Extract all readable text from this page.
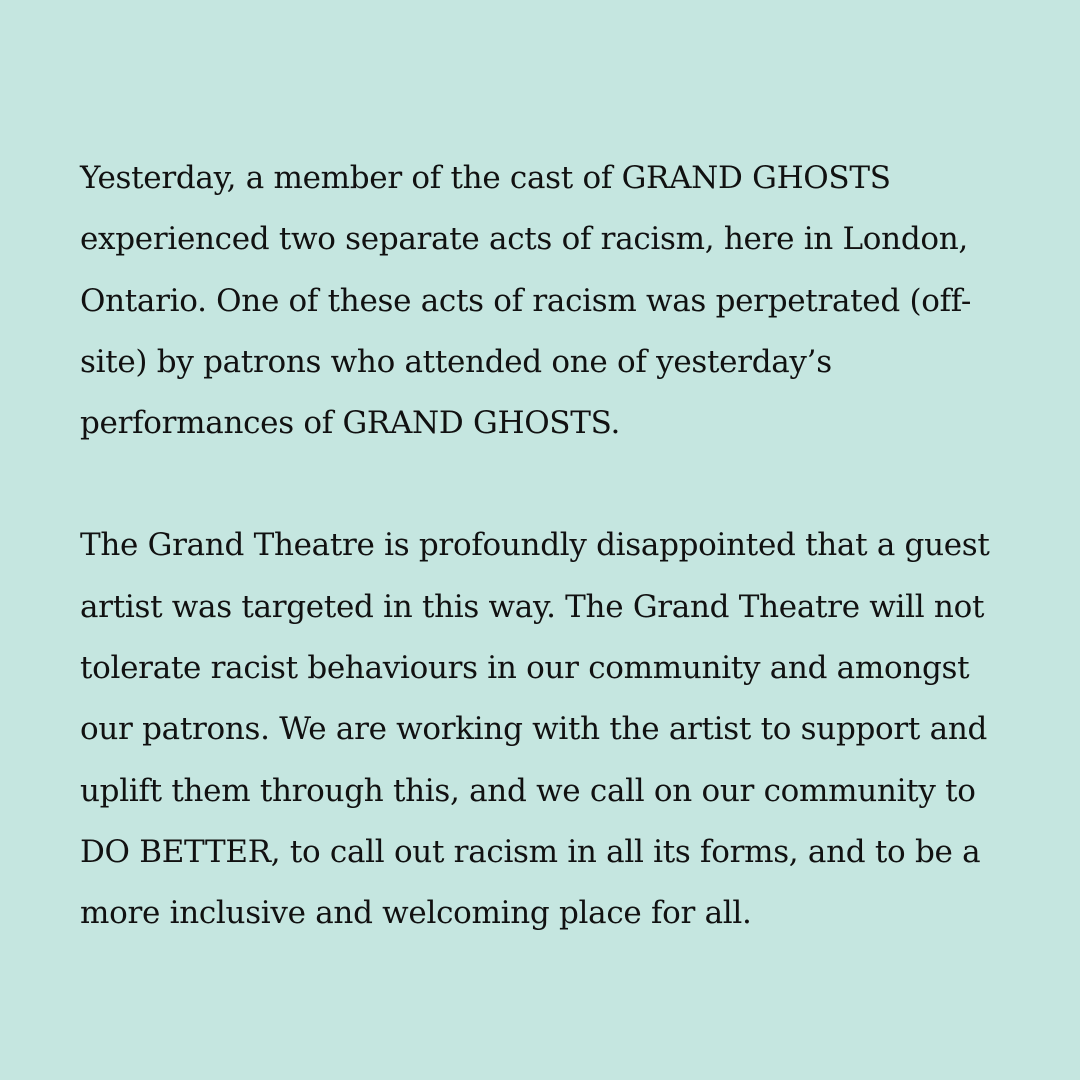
Yesterday, a member of the cast of GRAND GHOSTS
experienced two separate acts of racism, here in London,
Ontario. One of these acts of racism was perpetrated (off-
site) by patrons who attended one of yesterday’s
performances of GRAND GHOSTS.

The Grand Theatre is profoundly disappointed that a guest
artist was targeted in this way. The Grand Theatre will not
tolerate racist behaviours in our community and amongst
our patrons. We are working with the artist to support and
uplift them through this, and we call on our community to
DO BETTER, to call out racism in all its forms, and to be a
more inclusive and welcoming place for all.
